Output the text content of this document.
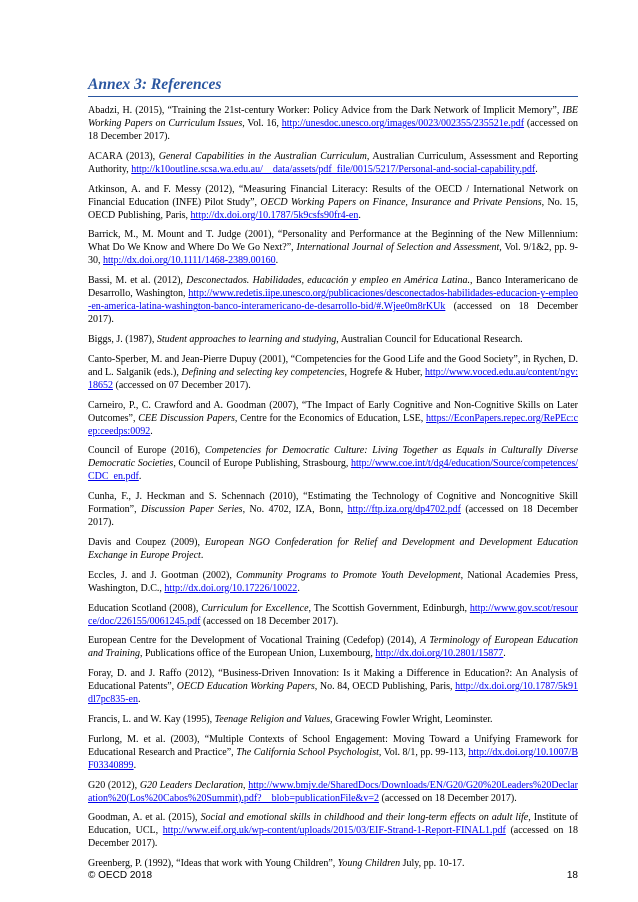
Annex 3: References
Abadzi, H. (2015), “Training the 21st-century Worker: Policy Advice from the Dark Network of Implicit Memory”, IBE Working Papers on Curriculum Issues, Vol. 16, http://unesdoc.unesco.org/images/0023/002355/235521e.pdf (accessed on 18 December 2017).
ACARA (2013), General Capabilities in the Australian Curriculum, Australian Curriculum, Assessment and Reporting Authority, http://k10outline.scsa.wa.edu.au/__data/assets/pdf_file/0015/5217/Personal-and-social-capability.pdf.
Atkinson, A. and F. Messy (2012), “Measuring Financial Literacy: Results of the OECD / International Network on Financial Education (INFE) Pilot Study”, OECD Working Papers on Finance, Insurance and Private Pensions, No. 15, OECD Publishing, Paris, http://dx.doi.org/10.1787/5k9csfs90fr4-en.
Barrick, M., M. Mount and T. Judge (2001), “Personality and Performance at the Beginning of the New Millennium: What Do We Know and Where Do We Go Next?”, International Journal of Selection and Assessment, Vol. 9/1&2, pp. 9-30, http://dx.doi.org/10.1111/1468-2389.00160.
Bassi, M. et al. (2012), Desconectados. Habilidades, educación y empleo en América Latina., Banco Interamericano de Desarrollo, Washington, http://www.redetis.iipe.unesco.org/publicaciones/desconectados-habilidades-educacion-y-empleo-en-america-latina-washington-banco-interamericano-de-desarrollo-bid/#.Wjee0m8rKUk (accessed on 18 December 2017).
Biggs, J. (1987), Student approaches to learning and studying, Australian Council for Educational Research.
Canto-Sperber, M. and Jean-Pierre Dupuy (2001), “Competencies for the Good Life and the Good Society”, in Rychen, D. and L. Salganik (eds.), Defining and selecting key competencies, Hogrefe & Huber, http://www.voced.edu.au/content/ngv:18652 (accessed on 07 December 2017).
Carneiro, P., C. Crawford and A. Goodman (2007), “The Impact of Early Cognitive and Non-Cognitive Skills on Later Outcomes”, CEE Discussion Papers, Centre for the Economics of Education, LSE, https://EconPapers.repec.org/RePEc:cep:ceedps:0092.
Council of Europe (2016), Competencies for Democratic Culture: Living Together as Equals in Culturally Diverse Democratic Societies, Council of Europe Publishing, Strasbourg, http://www.coe.int/t/dg4/education/Source/competences/CDC_en.pdf.
Cunha, F., J. Heckman and S. Schennach (2010), “Estimating the Technology of Cognitive and Noncognitive Skill Formation”, Discussion Paper Series, No. 4702, IZA, Bonn, http://ftp.iza.org/dp4702.pdf (accessed on 18 December 2017).
Davis and Coupez (2009), European NGO Confederation for Relief and Development and Development Education Exchange in Europe Project.
Eccles, J. and J. Gootman (2002), Community Programs to Promote Youth Development, National Academies Press, Washington, D.C., http://dx.doi.org/10.17226/10022.
Education Scotland (2008), Curriculum for Excellence, The Scottish Government, Edinburgh, http://www.gov.scot/resource/doc/226155/0061245.pdf (accessed on 18 December 2017).
European Centre for the Development of Vocational Training (Cedefop) (2014), A Terminology of European Education and Training, Publications office of the European Union, Luxembourg, http://dx.doi.org/10.2801/15877.
Foray, D. and J. Raffo (2012), “Business-Driven Innovation: Is it Making a Difference in Education?: An Analysis of Educational Patents”, OECD Education Working Papers, No. 84, OECD Publishing, Paris, http://dx.doi.org/10.1787/5k91dl7pc835-en.
Francis, L. and W. Kay (1995), Teenage Religion and Values, Gracewing Fowler Wright, Leominster.
Furlong, M. et al. (2003), “Multiple Contexts of School Engagement: Moving Toward a Unifying Framework for Educational Research and Practice”, The California School Psychologist, Vol. 8/1, pp. 99-113, http://dx.doi.org/10.1007/BF03340899.
G20 (2012), G20 Leaders Declaration, http://www.bmjv.de/SharedDocs/Downloads/EN/G20/G20%20Leaders%20Declaration%20(Los%20Cabos%20Summit).pdf?__blob=publicationFile&v=2 (accessed on 18 December 2017).
Goodman, A. et al. (2015), Social and emotional skills in childhood and their long-term effects on adult life, Institute of Education, UCL, http://www.eif.org.uk/wp-content/uploads/2015/03/EIF-Strand-1-Report-FINAL1.pdf (accessed on 18 December 2017).
Greenberg, P. (1992), “Ideas that work with Young Children”, Young Children July, pp. 10-17.
© OECD 2018	18
